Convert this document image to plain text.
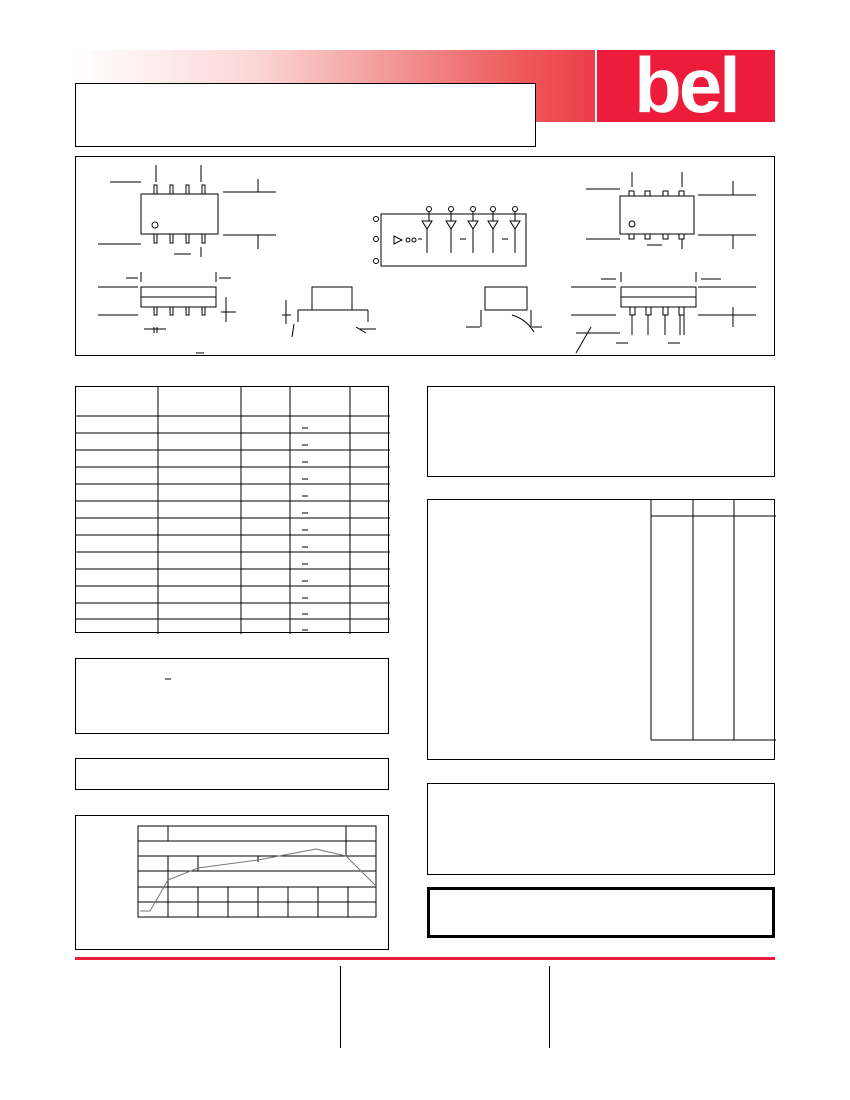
bel
